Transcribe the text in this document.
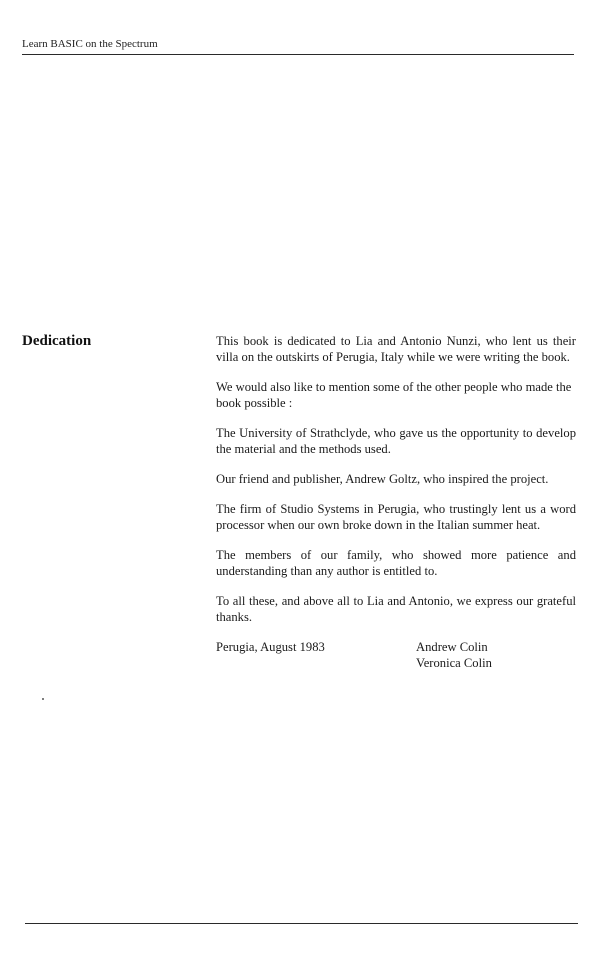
Learn BASIC on the Spectrum
Dedication	This book is dedicated to Lia and Antonio Nunzi, who lent us their villa on the outskirts of Perugia, Italy while we were writing the book.

We would also like to mention some of the other people who made the book possible :

The University of Strathclyde, who gave us the opportunity to develop the material and the methods used.

Our friend and publisher, Andrew Goltz, who inspired the project.

The firm of Studio Systems in Perugia, who trustingly lent us a word processor when our own broke down in the Italian summer heat.

The members of our family, who showed more patience and understanding than any author is entitled to.

To all these, and above all to Lia and Antonio, we express our grateful thanks.

Perugia, August 1983	Andrew Colin
Veronica Colin
